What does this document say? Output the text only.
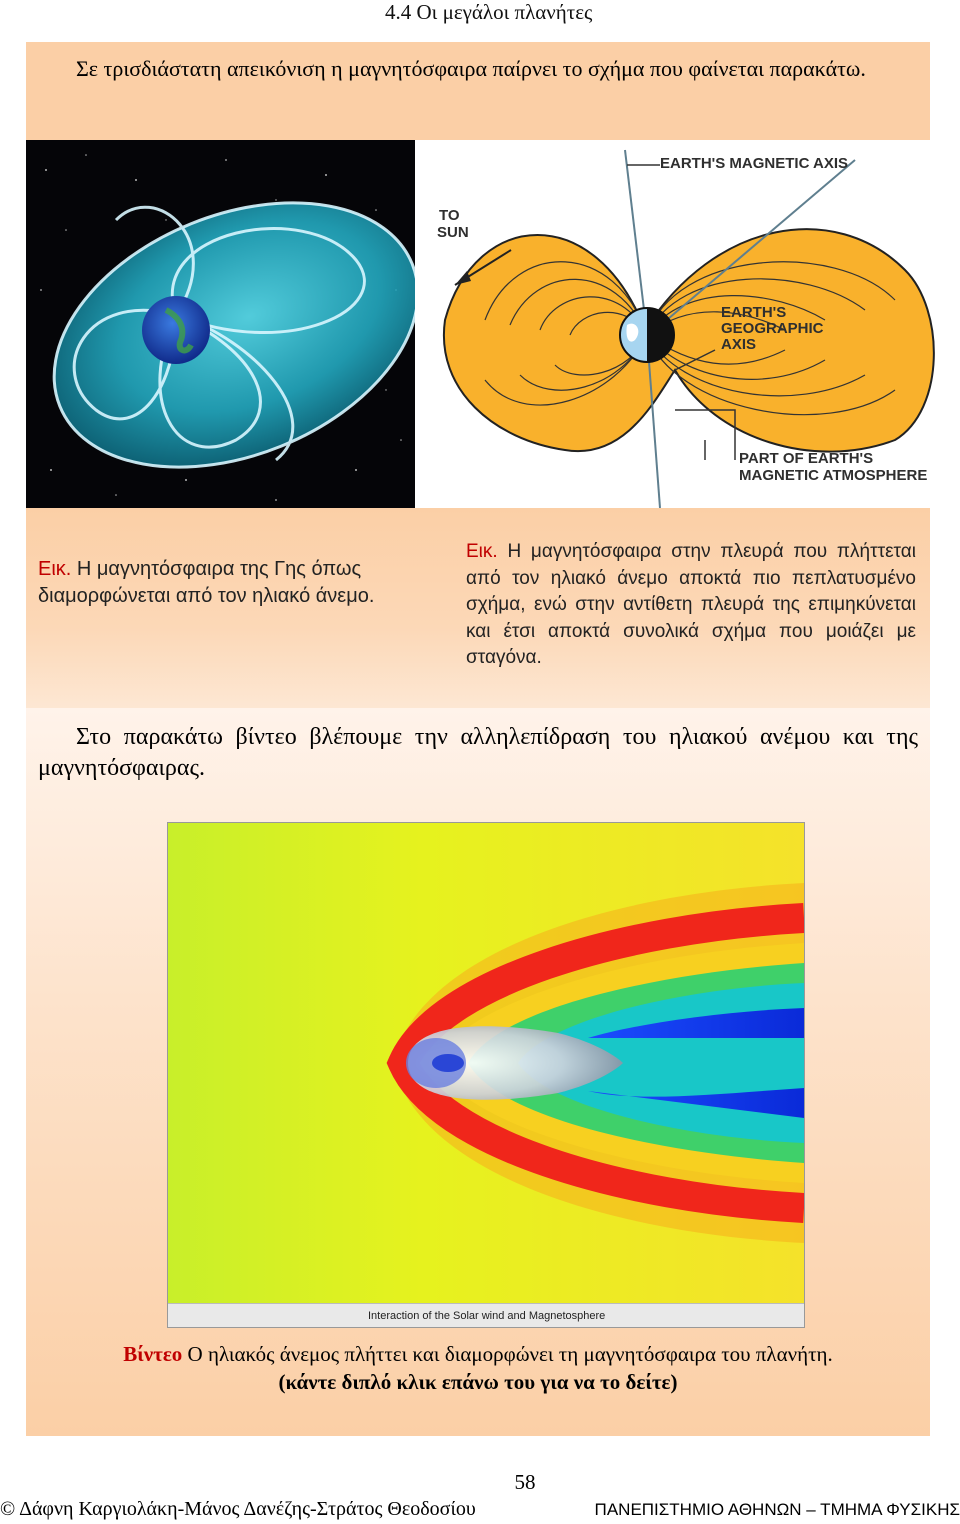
4.4 Οι μεγάλοι πλανήτες

Σε τρισδιάστατη απεικόνιση η μαγνητόσφαιρα παίρνει το σχήμα που φαίνεται παρακάτω.

EARTH'S MAGNETIC AXIS
TO
SUN
EARTH'S
GEOGRAPHIC
AXIS
PART OF EARTH'S
MAGNETIC ATMOSPHERE

Εικ. Η μαγνητόσφαιρα της Γης όπως διαμορφώνεται από τον ηλιακό άνεμο.

Εικ. Η μαγνητόσφαιρα στην πλευρά που πλήττεται από τον ηλιακό άνεμο αποκτά πιο πεπλατυσμένο σχήμα, ενώ στην αντίθετη πλευρά της επιμηκύνεται και έτσι αποκτά συνολικά σχήμα που μοιάζει με σταγόνα.

Στο παρακάτω βίντεο βλέπουμε την αλληλεπίδραση του ηλιακού ανέμου και της μαγνητόσφαιρας.

Interaction of the Solar wind and Magnetosphere

Βίντεο Ο ηλιακός άνεμος πλήττει και διαμορφώνει τη μαγνητόσφαιρα του πλανήτη.

(κάντε διπλό κλικ επάνω του για να το δείτε)

58
© Δάφνη Καργιολάκη-Μάνος Δανέζης-Στράτος Θεοδοσίου	ΠΑΝΕΠΙΣΤΗΜΙΟ ΑΘΗΝΩΝ – ΤΜΗΜΑ ΦΥΣΙΚΗΣ
